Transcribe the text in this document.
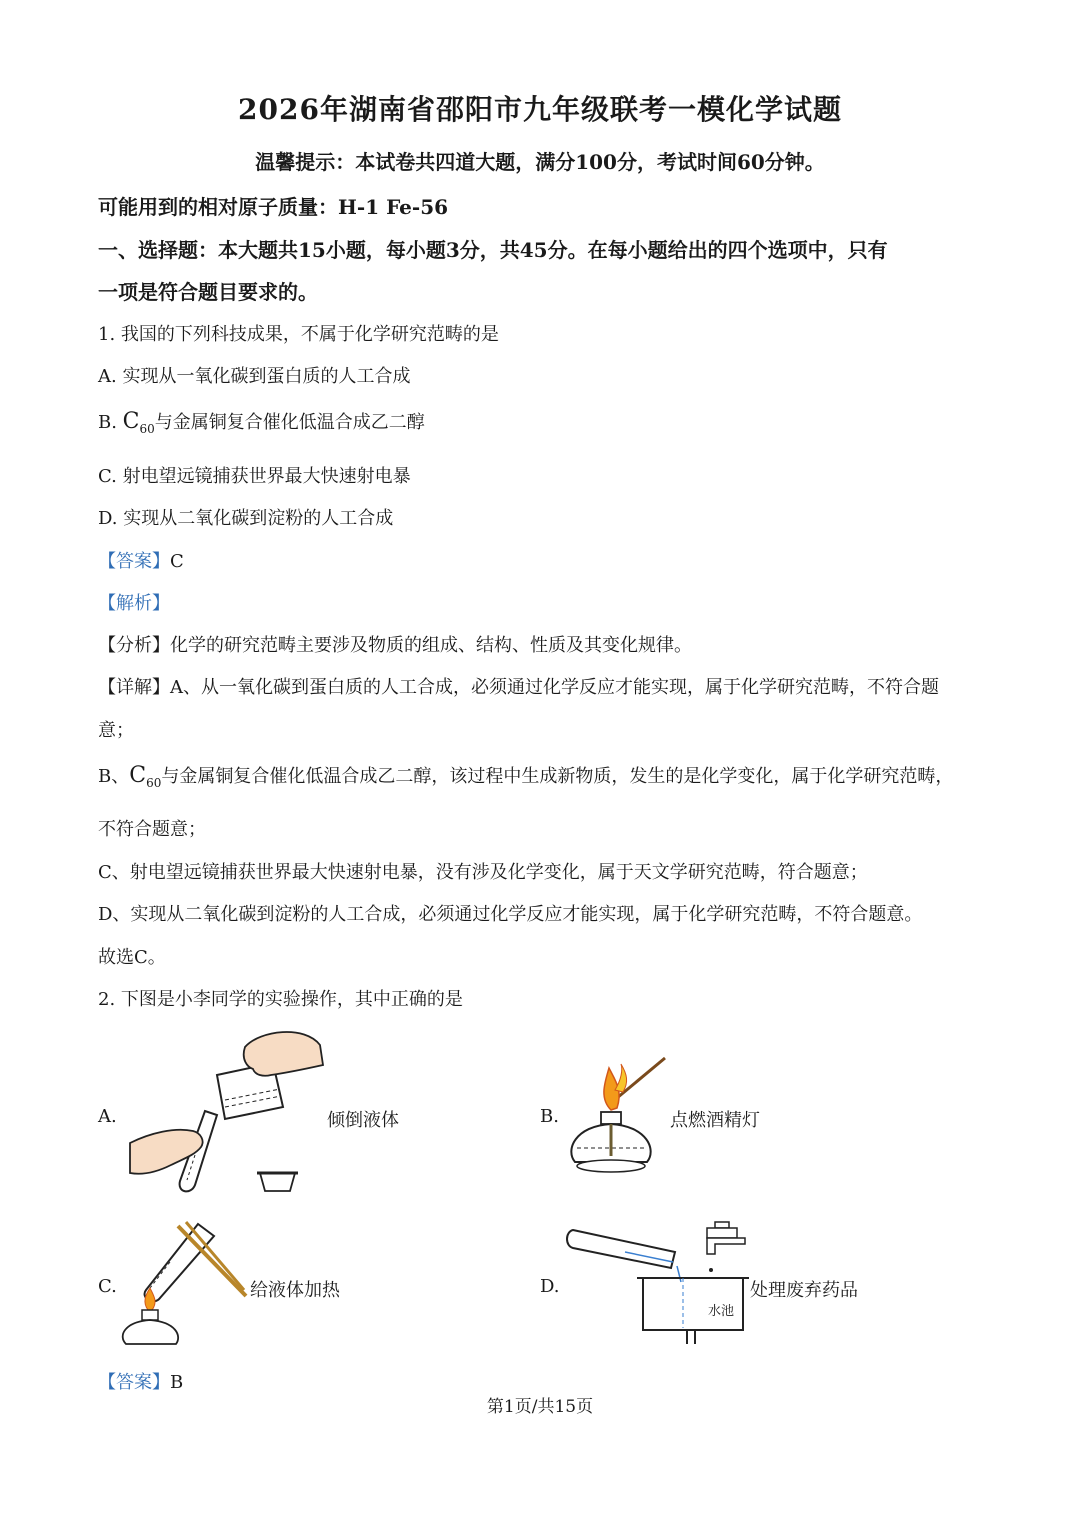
2026年湖南省邵阳市九年级联考一模化学试题
温馨提示：本试卷共四道大题，满分100分，考试时间60分钟。
可能用到的相对原子质量：H-1 Fe-56
一、选择题：本大题共15小题，每小题3分，共45分。在每小题给出的四个选项中，只有
一项是符合题目要求的。
1. 我国的下列科技成果，不属于化学研究范畴的是
A. 实现从一氧化碳到蛋白质的人工合成
B. $C_{60}$与金属铜复合催化低温合成乙二醇
C. 射电望远镜捕获世界最大快速射电暴
D. 实现从二氧化碳到淀粉的人工合成
【答案】C
【解析】
【分析】化学的研究范畴主要涉及物质的组成、结构、性质及其变化规律。
【详解】A、从一氧化碳到蛋白质的人工合成，必须通过化学反应才能实现，属于化学研究范畴，不符合题
意；
B、$C_{60}$与金属铜复合催化低温合成乙二醇，该过程中生成新物质，发生的是化学变化，属于化学研究范畴，
不符合题意；
C、射电望远镜捕获世界最大快速射电暴，没有涉及化学变化，属于天文学研究范畴，符合题意；
D、实现从二氧化碳到淀粉的人工合成，必须通过化学反应才能实现，属于化学研究范畴，不符合题意。
故选C。
2. 下图是小李同学的实验操作，其中正确的是
A.	倾倒液体	B.	点燃酒精灯
C.	给液体加热	D.
水池
处理废弃药品
【答案】B
第1页/共15页
